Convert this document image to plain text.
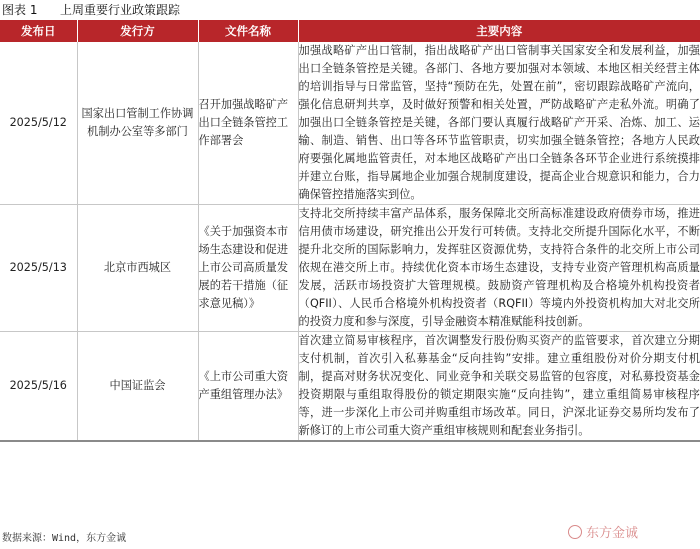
图表 1 上周重要行业政策跟踪
发布日	发行方	文件名称	主要内容
2025/5/12	国家出口管制工作协调机制办公室等多部门	召开加强战略矿产出口全链条管控工作部署会	加强战略矿产出口管制，指出战略矿产出口管制事关国家安全和发展利益，加强出口全链条管控是关键。各部门、各地方要加强对本领域、本地区相关经营主体的培训指导与日常监管，坚持“预防在先，处置在前”，密切跟踪战略矿产流向，强化信息研判共享，及时做好预警和相关处置，严防战略矿产走私外流。明确了加强出口全链条管控是关键，各部门要认真履行战略矿产开采、冶炼、加工、运输、制造、销售、出口等各环节监管职责，切实加强全链条管控；各地方人民政府要强化属地监管责任，对本地区战略矿产出口全链条各环节企业进行系统摸排并建立台账，指导属地企业加强合规制度建设，提高企业合规意识和能力，合力确保管控措施落实到位。
2025/5/13	北京市西城区	《关于加强资本市场生态建设和促进上市公司高质量发展的若干措施（征求意见稿）》	支持北交所持续丰富产品体系，服务保障北交所高标准建设政府债券市场，推进信用债市场建设，研究推出公开发行可转债。支持北交所提升国际化水平，不断提升北交所的国际影响力，发挥驻区资源优势，支持符合条件的北交所上市公司依规在港交所上市。持续优化资本市场生态建设，支持专业资产管理机构高质量发展，活跃市场投资扩大管理规模。鼓励资产管理机构及合格境外机构投资者（QFII）、人民币合格境外机构投资者（RQFII）等境内外投资机构加大对北交所的投资力度和参与深度，引导金融资本精准赋能科技创新。
2025/5/16	中国证监会	《上市公司重大资产重组管理办法》	首次建立简易审核程序，首次调整发行股份购买资产的监管要求，首次建立分期支付机制，首次引入私募基金“反向挂钩”安排。建立重组股份对价分期支付机制，提高对财务状况变化、同业竞争和关联交易监管的包容度，对私募投资基金投资期限与重组取得股份的锁定期限实施“反向挂钩”，建立重组简易审核程序等，进一步深化上市公司并购重组市场改革。同日，沪深北证券交易所均发布了新修订的上市公司重大资产重组审核规则和配套业务指引。
数据来源：Wind，东方金诚	东方金诚
